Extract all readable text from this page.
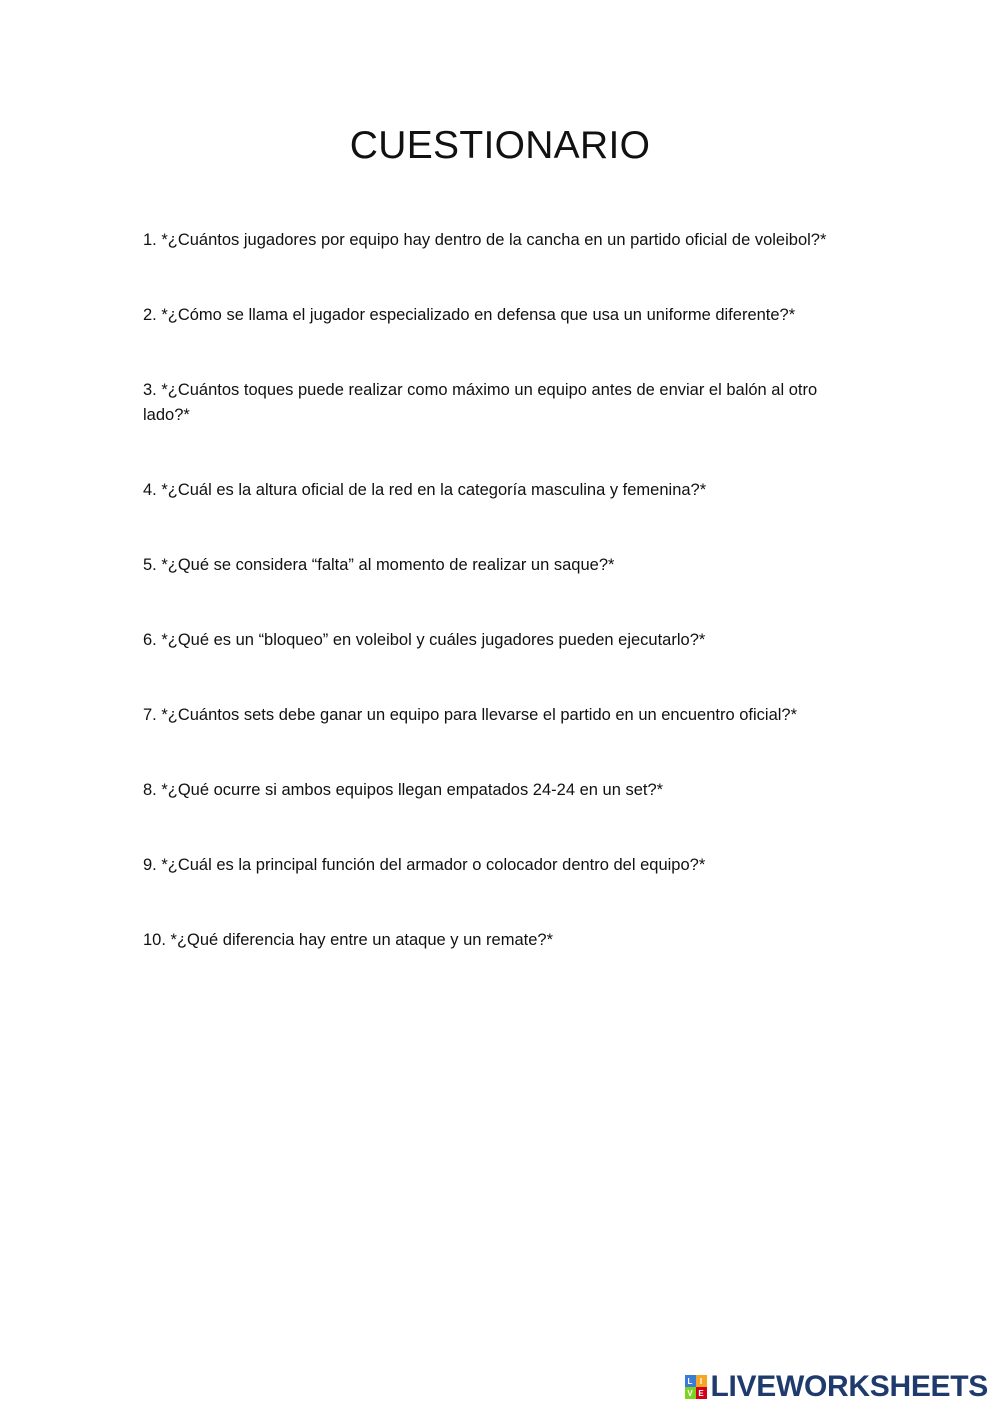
CUESTIONARIO
1. *¿Cuántos jugadores por equipo hay dentro de la cancha en un partido oficial de voleibol?*
2. *¿Cómo se llama el jugador especializado en defensa que usa un uniforme diferente?*
3. *¿Cuántos toques puede realizar como máximo un equipo antes de enviar el balón al otro lado?*
4. *¿Cuál es la altura oficial de la red en la categoría masculina y femenina?*
5. *¿Qué se considera “falta” al momento de realizar un saque?*
6. *¿Qué es un “bloqueo” en voleibol y cuáles jugadores pueden ejecutarlo?*
7. *¿Cuántos sets debe ganar un equipo para llevarse el partido en un encuentro oficial?*
8. *¿Qué ocurre si ambos equipos llegan empatados 24-24 en un set?*
9. *¿Cuál es la principal función del armador o colocador dentro del equipo?*
10. *¿Qué diferencia hay entre un ataque y un remate?*
L I
V E LIVEWORKSHEETS
